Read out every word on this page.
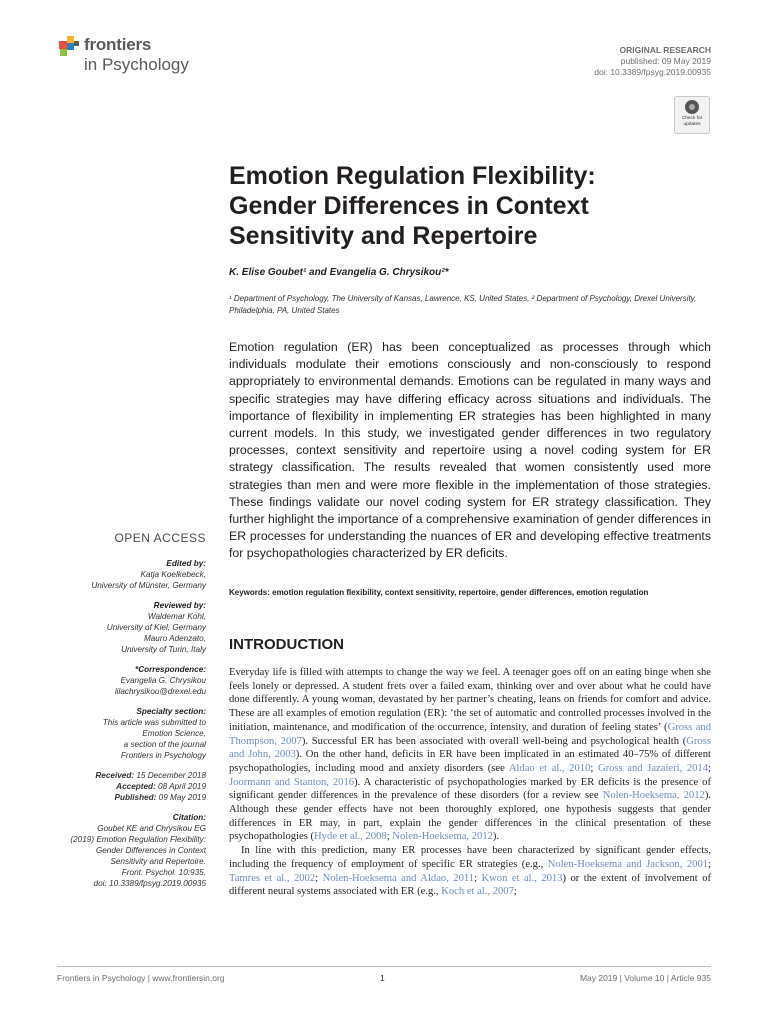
frontiers
in Psychology
ORIGINAL RESEARCH
published: 09 May 2019
doi: 10.3389/fpsyg.2019.00935
Check for updates
Emotion Regulation Flexibility: Gender Differences in Context Sensitivity and Repertoire
K. Elise Goubet¹ and Evangelia G. Chrysikou²*
¹ Department of Psychology, The University of Kansas, Lawrence, KS, United States, ² Department of Psychology, Drexel University, Philadelphia, PA, United States
Emotion regulation (ER) has been conceptualized as processes through which individuals modulate their emotions consciously and non-consciously to respond appropriately to environmental demands. Emotions can be regulated in many ways and specific strategies may have differing efficacy across situations and individuals. The importance of flexibility in implementing ER strategies has been highlighted in many current models. In this study, we investigated gender differences in two regulatory processes, context sensitivity and repertoire using a novel coding system for ER strategy classification. The results revealed that women consistently used more strategies than men and were more flexible in the implementation of those strategies. These findings validate our novel coding system for ER strategy classification. They further highlight the importance of a comprehensive examination of gender differences in ER processes for understanding the nuances of ER and developing effective treatments for psychopathologies characterized by ER deficits.
Keywords: emotion regulation flexibility, context sensitivity, repertoire, gender differences, emotion regulation
INTRODUCTION

Everyday life is filled with attempts to change the way we feel. A teenager goes off on an eating binge when she feels lonely or depressed. A student frets over a failed exam, thinking over and over about what he could have done differently. A young woman, devastated by her partner’s cheating, leans on friends for comfort and advice. These are all examples of emotion regulation (ER): ‘the set of automatic and controlled processes involved in the initiation, maintenance, and modification of the occurrence, intensity, and duration of feeling states’ (Gross and Thompson, 2007). Successful ER has been associated with overall well-being and psychological health (Gross and John, 2003). On the other hand, deficits in ER have been implicated in an estimated 40–75% of different psychopathologies, including mood and anxiety disorders (see Aldao et al., 2010; Gross and Jazaieri, 2014; Joormann and Stanton, 2016). A characteristic of psychopathologies marked by ER deficits is the presence of significant gender differences in the prevalence of these disorders (for a review see Nolen-Hoeksema, 2012). Although these gender effects have not been thoroughly explored, one hypothesis suggests that gender differences in ER may, in part, explain the gender differences in the clinical presentation of these psychopathologies (Hyde et al., 2008; Nolen-Hoeksema, 2012).

In line with this prediction, many ER processes have been characterized by significant gender effects, including the frequency of employment of specific ER strategies (e.g., Nolen-Hoeksema and Jackson, 2001; Tamres et al., 2002; Nolen-Hoeksema and Aldao, 2011; Kwon et al., 2013) or the extent of involvement of different neural systems associated with ER (e.g., Koch et al., 2007;

OPEN ACCESS
Edited by:
Katja Koelkebeck,
University of Münster, Germany
Reviewed by:
Waldemar Kohl,
University of Kiel, Germany
Mauro Adenzato,
University of Turin, Italy
*Correspondence:
Evangelia G. Chrysikou
lilachrysikou@drexel.edu
Specialty section:
This article was submitted to
Emotion Science,
a section of the journal
Frontiers in Psychology
Received: 15 December 2018
Accepted: 08 April 2019
Published: 09 May 2019
Citation:
Goubet KE and Chrysikou EG
(2019) Emotion Regulation Flexibility:
Gender Differences in Context
Sensitivity and Repertoire.
Front. Psychol. 10:935.
doi: 10.3389/fpsyg.2019.00935
Frontiers in Psychology | www.frontiersin.org	1	May 2019 | Volume 10 | Article 935
